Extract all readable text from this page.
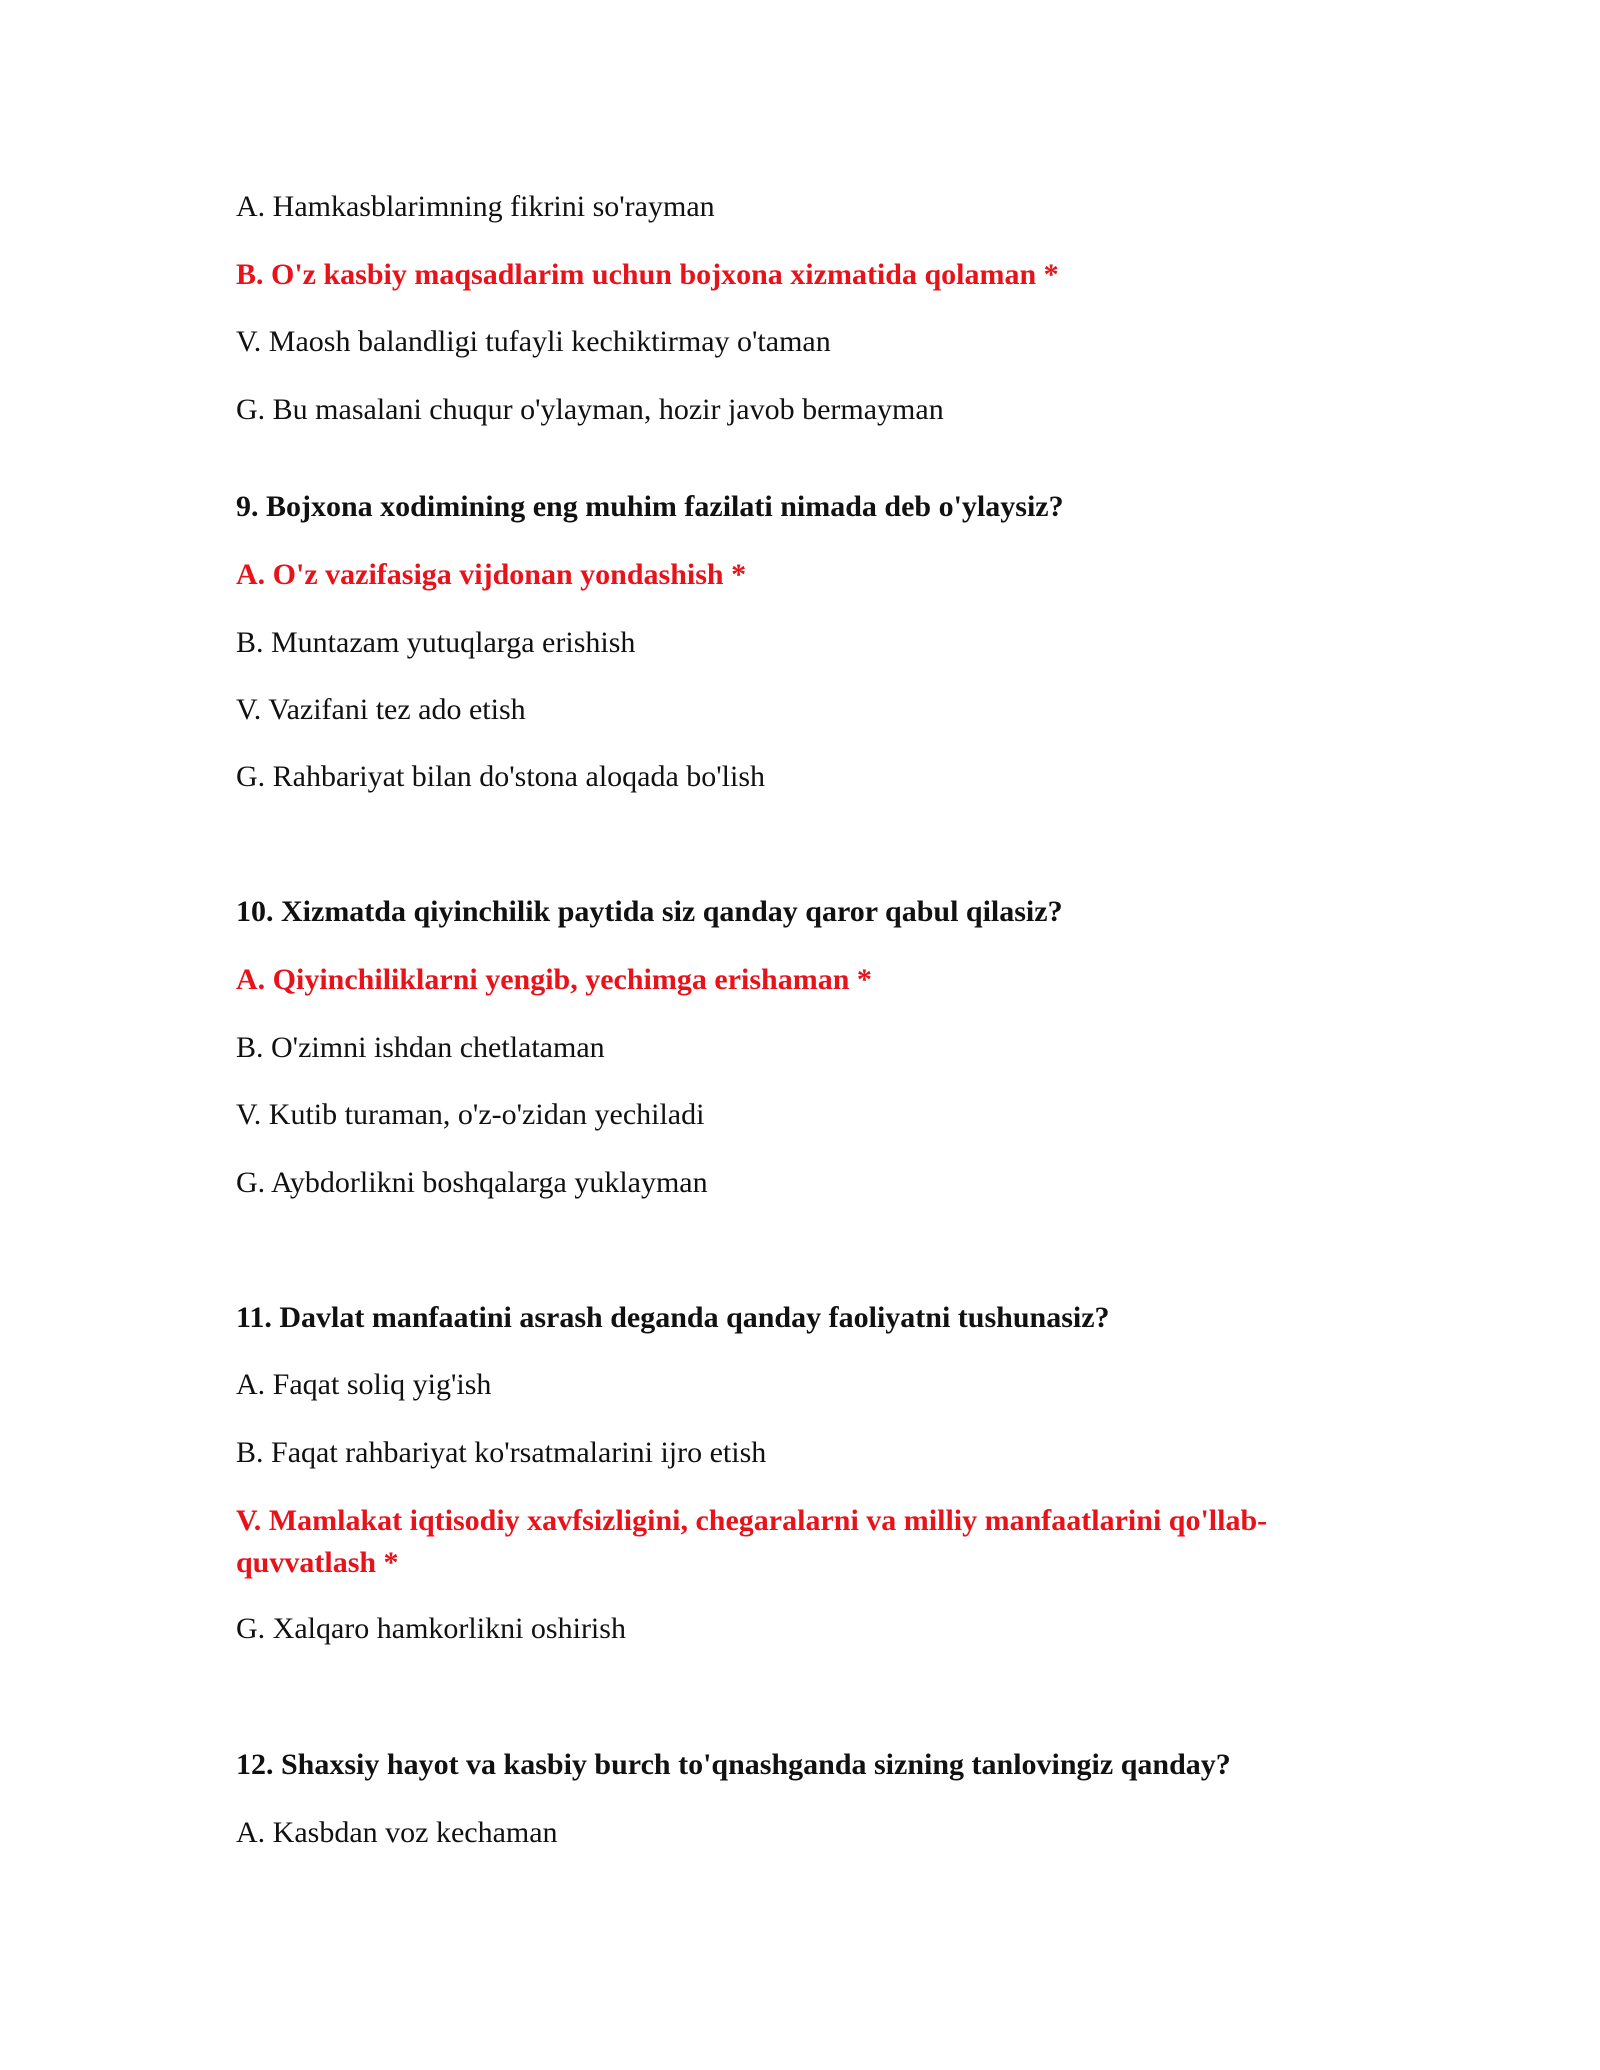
A. Hamkasblarimning fikrini so'rayman
B. O'z kasbiy maqsadlarim uchun bojxona xizmatida qolaman *
V. Maosh balandligi tufayli kechiktirmay o'taman
G. Bu masalani chuqur o'ylayman, hozir javob bermayman
9. Bojxona xodimining eng muhim fazilati nimada deb o'ylaysiz?
A. O'z vazifasiga vijdonan yondashish *
B. Muntazam yutuqlarga erishish
V. Vazifani tez ado etish
G. Rahbariyat bilan do'stona aloqada bo'lish
10. Xizmatda qiyinchilik paytida siz qanday qaror qabul qilasiz?
A. Qiyinchiliklarni yengib, yechimga erishaman *
B. O'zimni ishdan chetlataman
V. Kutib turaman, o'z-o'zidan yechiladi
G. Aybdorlikni boshqalarga yuklayman
11. Davlat manfaatini asrash deganda qanday faoliyatni tushunasiz?
A. Faqat soliq yig'ish
B. Faqat rahbariyat ko'rsatmalarini ijro etish
V. Mamlakat iqtisodiy xavfsizligini, chegaralarni va milliy manfaatlarini qo'llab-quvvatlash *
G. Xalqaro hamkorlikni oshirish
12. Shaxsiy hayot va kasbiy burch to'qnashganda sizning tanlovingiz qanday?
A. Kasbdan voz kechaman
